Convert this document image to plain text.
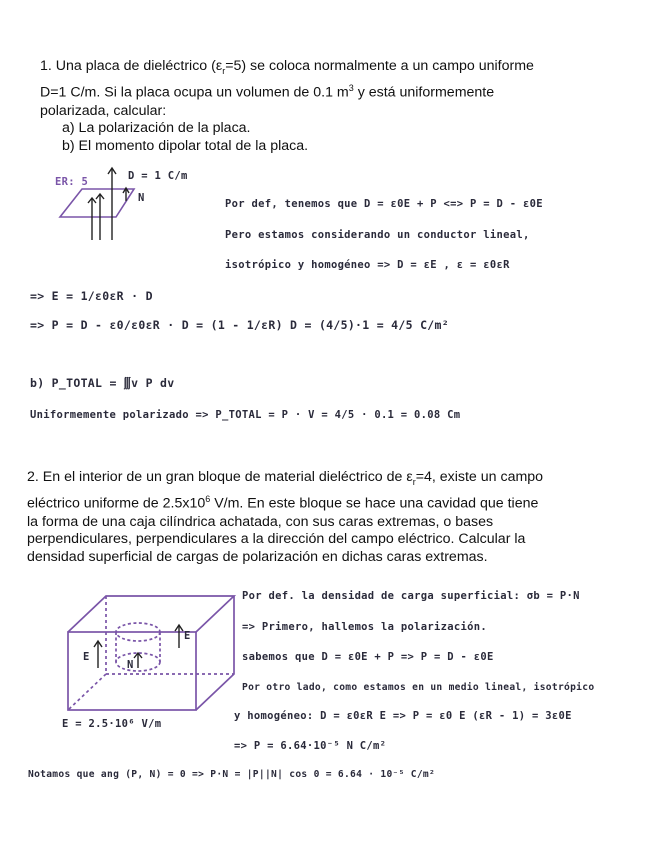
1. Una placa de dieléctrico $(\varepsilon_r=5)$ se coloca normalmente a un campo uniforme
D=1 C/m. Si la placa ocupa un volumen de 0.1 $m^3$ y está uniformemente
polarizada, calcular:
a) La polarización de la placa.
b) El momento dipolar total de la placa.
ER: 5	D = 1 C/m
N	Por def, tenemos que D = ε0E + P <=> P = D - ε0E
Pero estamos considerando un conductor lineal,
isotrópico y homogéneo => D = εE , ε = ε0εR
=> E = 1/ε0εR · D
=> P = D - ε0/ε0εR · D = (1 - 1/εR) D = (4/5)·1 = 4/5 C/m²
b) P_TOTAL = ∭v P dv
Uniformemente polarizado => P_TOTAL = P · V = 4/5 · 0.1 = 0.08 Cm
2. En el interior de un gran bloque de material dieléctrico de $\varepsilon_r=4$, existe un campo
eléctrico uniforme de $2.5x10^6$ V/m. En este bloque se hace una cavidad que tiene
la forma de una caja cilíndrica achatada, con sus caras extremas, o bases
perpendiculares, perpendiculares a la dirección del campo eléctrico. Calcular la
densidad superficial de cargas de polarización en dichas caras extremas.
E
E
N
E = 2.5·10⁶ V/m
Por def. la densidad de carga superficial: σb = P·N
=> Primero, hallemos la polarización.
sabemos que D = ε0E + P => P = D - ε0E
Por otro lado, como estamos en un medio lineal, isotrópico
y homogéneo: D = ε0εR E => P = ε0 E (εR - 1) = 3ε0E
=> P = 6.64·10⁻⁵ N C/m²
Notamos que ang (P, N) = 0 => P·N = |P||N| cos 0 = 6.64 · 10⁻⁵ C/m²
